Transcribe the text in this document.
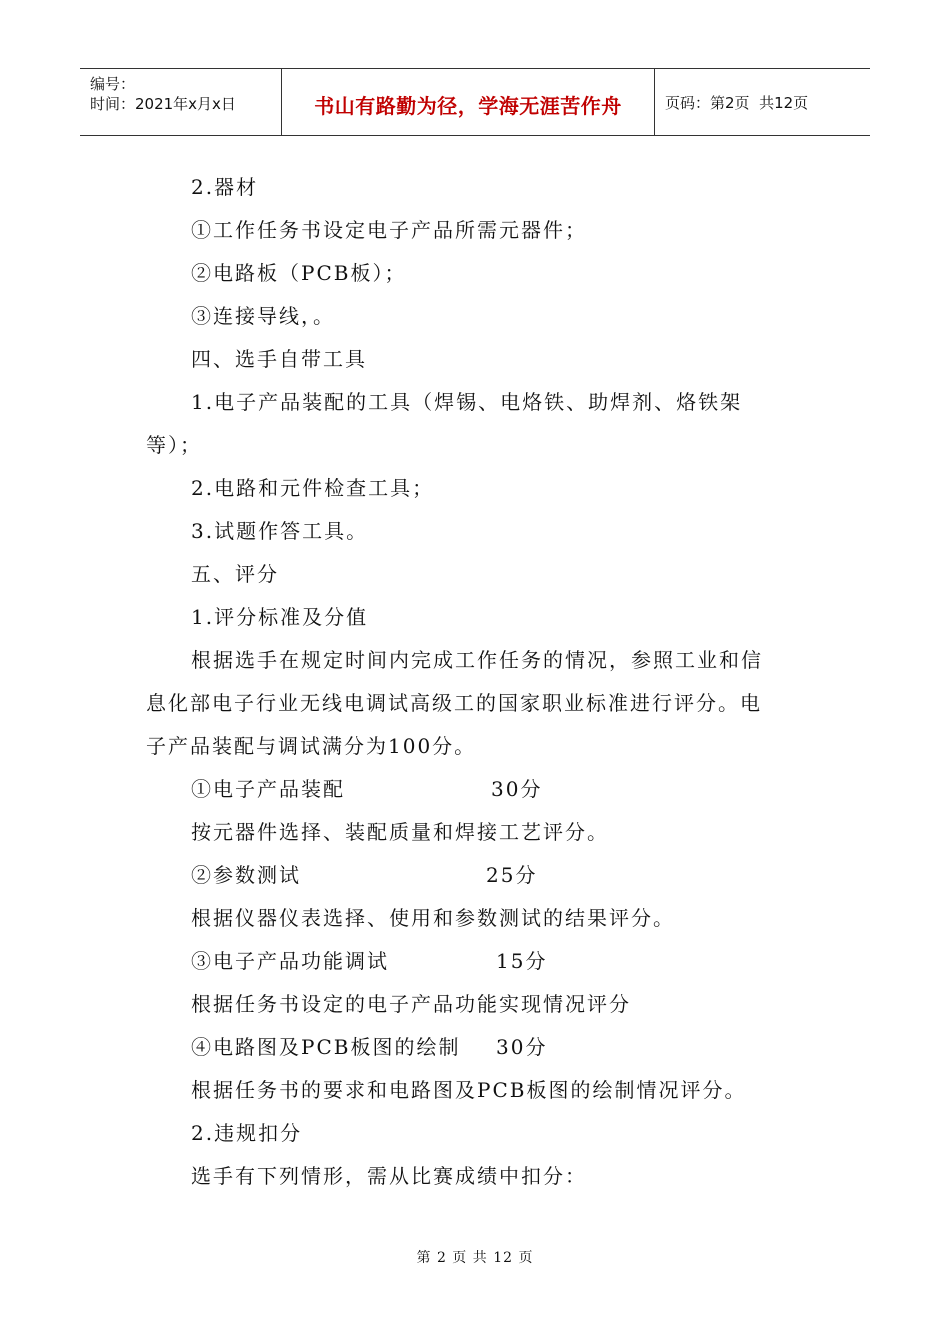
编号：
时间：2021年x月x日	书山有路勤为径，学海无涯苦作舟	页码：第2页  共12页

2.器材

①工作任务书设定电子产品所需元器件；

②电路板（PCB板）；

③连接导线，。

四、选手自带工具

1.电子产品装配的工具（焊锡、电烙铁、助焊剂、烙铁架

等）；

2.电路和元件检查工具；

3.试题作答工具。

五、评分

1.评分标准及分值

根据选手在规定时间内完成工作任务的情况，参照工业和信

息化部电子行业无线电调试高级工的国家职业标准进行评分。电

子产品装配与调试满分为100分。

①电子产品装配	30分

按元器件选择、装配质量和焊接工艺评分。

②参数测试	25分

根据仪器仪表选择、使用和参数测试的结果评分。

③电子产品功能调试	15分

根据任务书设定的电子产品功能实现情况评分

④电路图及PCB板图的绘制 30分

根据任务书的要求和电路图及PCB板图的绘制情况评分。

2.违规扣分

选手有下列情形，需从比赛成绩中扣分：

第 2 页 共 12 页
